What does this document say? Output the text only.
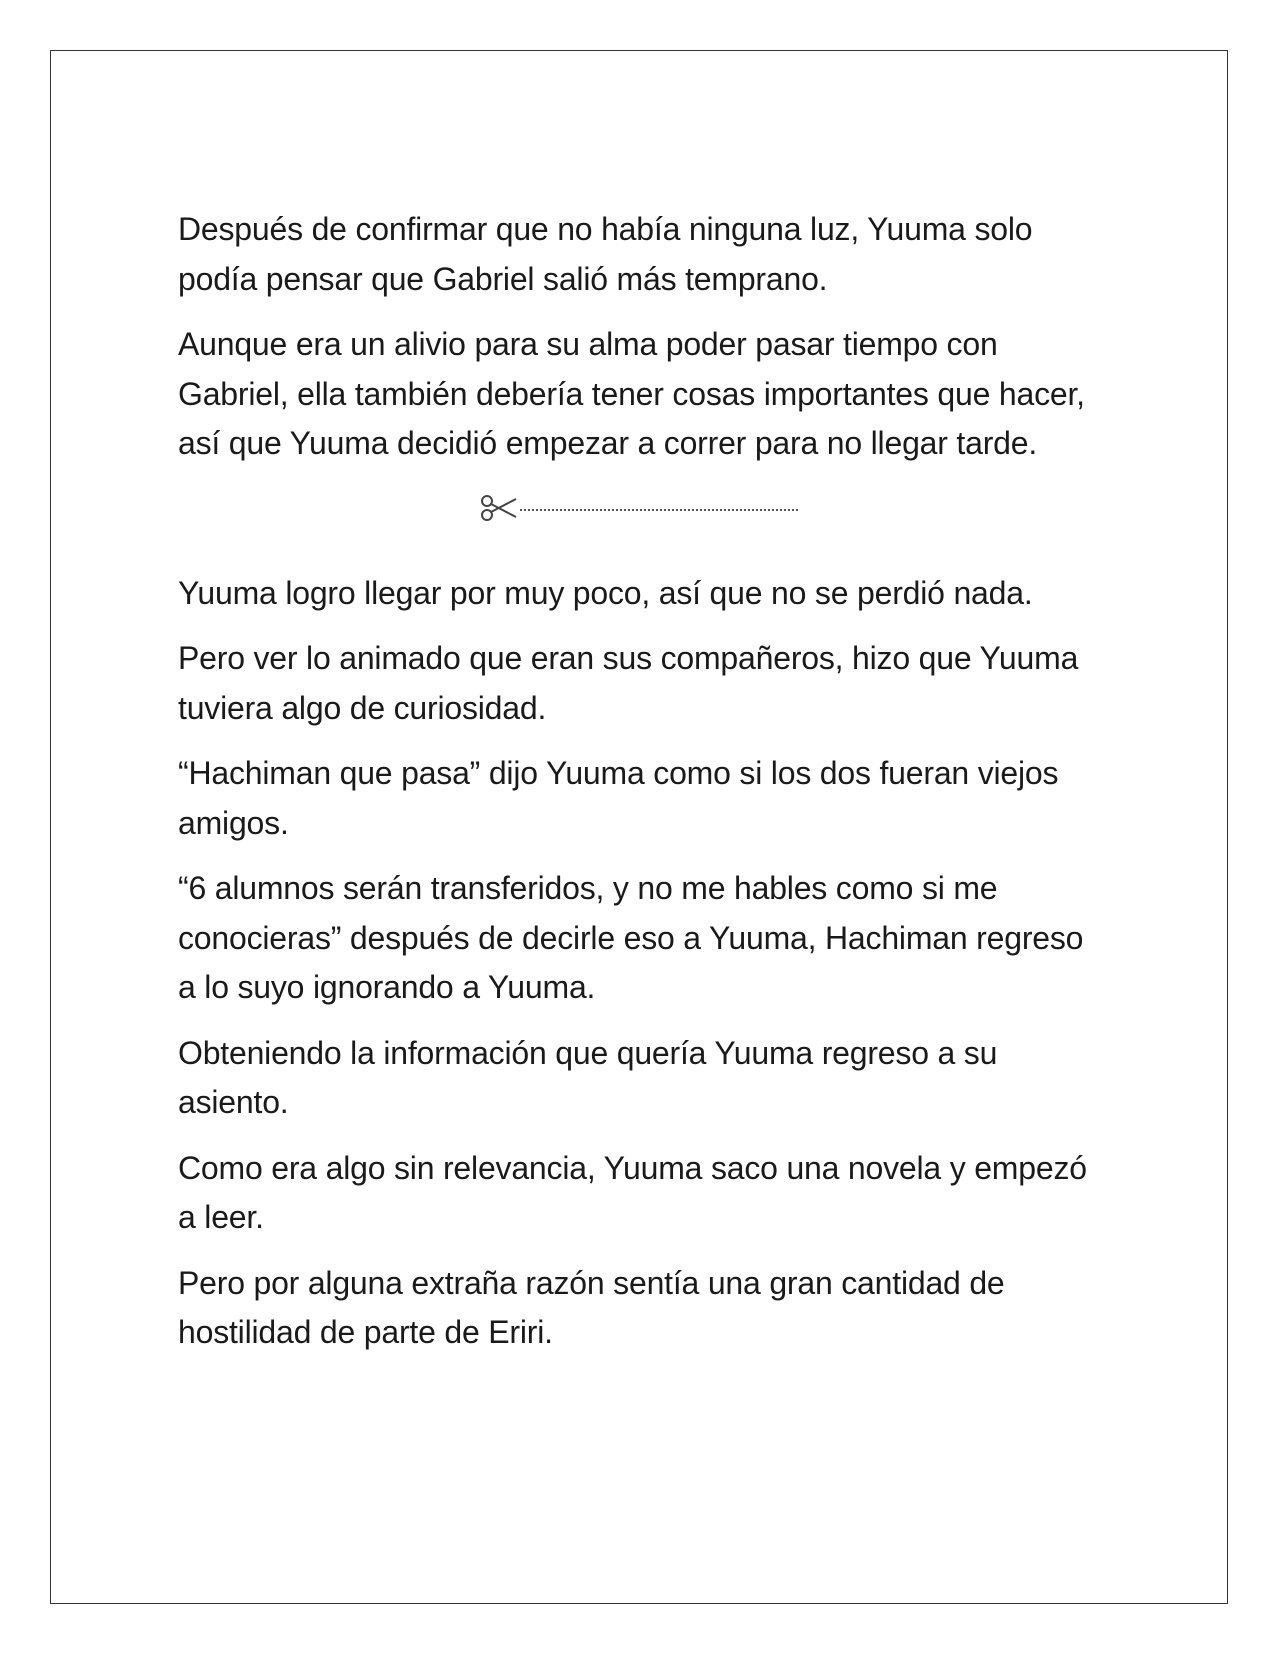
Después de confirmar que no había ninguna luz, Yuuma solo podía pensar que Gabriel salió más temprano.

Aunque era un alivio para su alma poder pasar tiempo con Gabriel, ella también debería tener cosas importantes que hacer, así que Yuuma decidió empezar a correr para no llegar tarde.

Yuuma logro llegar por muy poco, así que no se perdió nada.

Pero ver lo animado que eran sus compañeros, hizo que Yuuma tuviera algo de curiosidad.

“Hachiman que pasa” dijo Yuuma como si los dos fueran viejos amigos.

“6 alumnos serán transferidos, y no me hables como si me conocieras” después de decirle eso a Yuuma, Hachiman regreso a lo suyo ignorando a Yuuma.

Obteniendo la información que quería Yuuma regreso a su asiento.

Como era algo sin relevancia, Yuuma saco una novela y empezó a leer.

Pero por alguna extraña razón sentía una gran cantidad de hostilidad de parte de Eriri.
